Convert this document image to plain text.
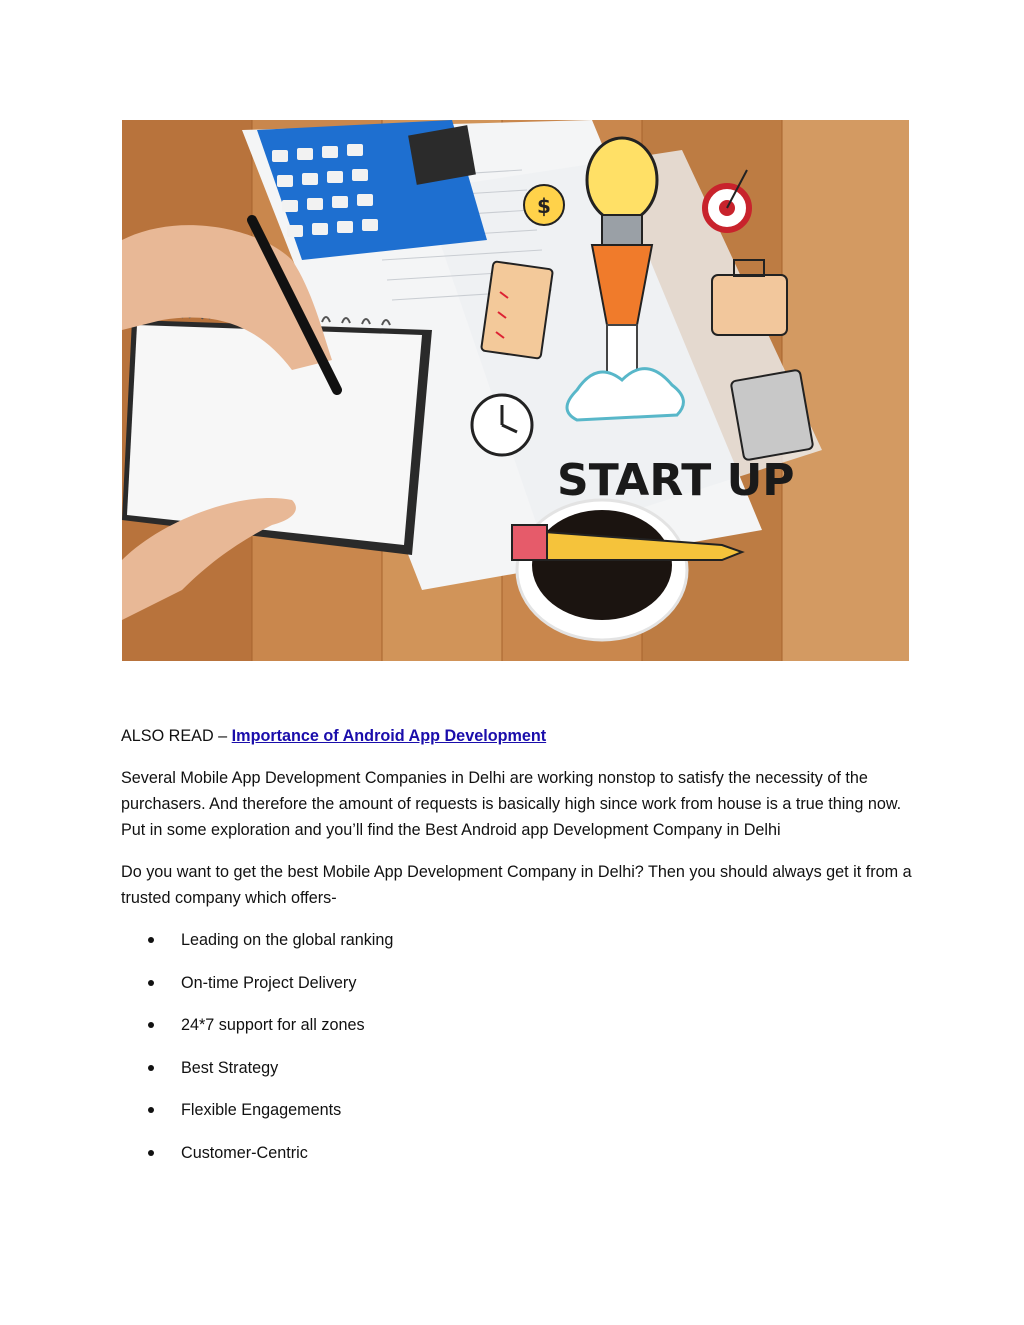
$
START UP

ALSO READ – Importance of Android App Development

Several Mobile App Development Companies in Delhi are working nonstop to satisfy the necessity of the purchasers. And therefore the amount of requests is basically high since work from house is a true thing now. Put in some exploration and you’ll find the Best Android app Development Company in Delhi

Do you want to get the best Mobile App Development Company in Delhi? Then you should always get it from a trusted company which offers-

Leading on the global ranking
On-time Project Delivery
24*7 support for all zones
Best Strategy
Flexible Engagements
Customer-Centric
